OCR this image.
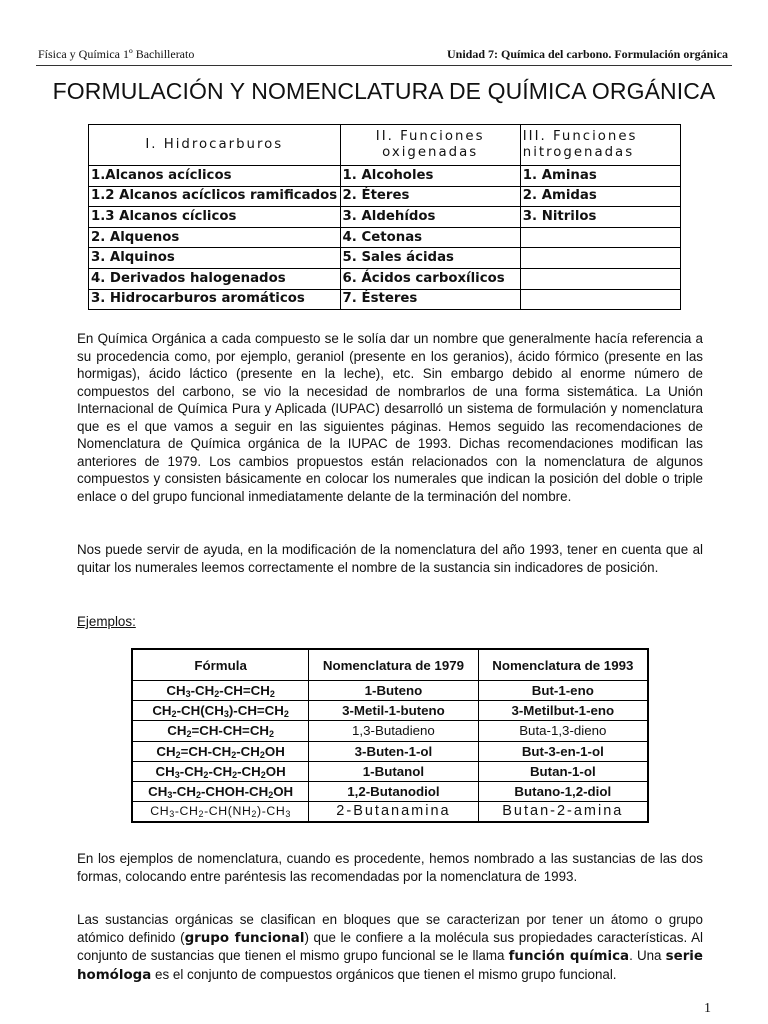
Física y Química 1º Bachillerato	Unidad 7: Química del carbono. Formulación orgánica
FORMULACIÓN Y NOMENCLATURA DE QUÍMICA ORGÁNICA
I. Hidrocarburos	II. Funciones oxigenadas	III. Funciones nitrogenadas
1.Alcanos acíclicos	1. Alcoholes	1. Aminas
1.2 Alcanos acíclicos ramificados	2. Éteres	2. Amidas
1.3 Alcanos cíclicos	3. Aldehídos	3. Nitrilos
2. Alquenos	4. Cetonas	
3. Alquinos	5. Sales ácidas	
4. Derivados halogenados	6. Ácidos carboxílicos	
3. Hidrocarburos aromáticos	7. Ésteres	
En Química Orgánica a cada compuesto se le solía dar un nombre que generalmente hacía referencia a su procedencia como, por ejemplo, geraniol (presente en los geranios), ácido fórmico (presente en las hormigas), ácido láctico (presente en la leche), etc. Sin embargo debido al enorme número de compuestos del carbono, se vio la necesidad de nombrarlos de una forma sistemática. La Unión Internacional de Química Pura y Aplicada (IUPAC) desarrolló un sistema de formulación y nomenclatura que es el que vamos a seguir en las siguientes páginas. Hemos seguido las recomendaciones de Nomenclatura de Química orgánica de la IUPAC de 1993. Dichas recomendaciones modifican las anteriores de 1979. Los cambios propuestos están relacionados con la nomenclatura de algunos compuestos y consisten básicamente en colocar los numerales que indican la posición del doble o triple enlace o del grupo funcional inmediatamente delante de la terminación del nombre.
Nos puede servir de ayuda, en la modificación de la nomenclatura del año 1993, tener en cuenta que al quitar los numerales leemos correctamente el nombre de la sustancia sin indicadores de posición.
Ejemplos:
Fórmula	Nomenclatura de 1979	Nomenclatura de 1993
$CH_3-CH_2-CH=CH_2$	1-Buteno	But-1-eno
$CH_2-CH(CH_3)-CH=CH_2$	3-Metil-1-buteno	3-Metilbut-1-eno
$CH_2=CH-CH=CH_2$	1,3-Butadieno	Buta-1,3-dieno
$CH_2=CH-CH_2-CH_2OH$	3-Buten-1-ol	But-3-en-1-ol
$CH_3-CH_2-CH_2-CH_2OH$	1-Butanol	Butan-1-ol
$CH_3-CH_2-CHOH-CH_2OH$	1,2-Butanodiol	Butano-1,2-diol
$CH_3-CH_2-CH(NH_2)-CH_3$	2-Butanamina	Butan-2-amina
En los ejemplos de nomenclatura, cuando es procedente, hemos nombrado a las sustancias de las dos formas, colocando entre paréntesis las recomendadas por la nomenclatura de 1993.
Las sustancias orgánicas se clasifican en bloques que se caracterizan por tener un átomo o grupo atómico definido (grupo funcional) que le confiere a la molécula sus propiedades características. Al conjunto de sustancias que tienen el mismo grupo funcional se le llama función química. Una serie homóloga es el conjunto de compuestos orgánicos que tienen el mismo grupo funcional.
1
